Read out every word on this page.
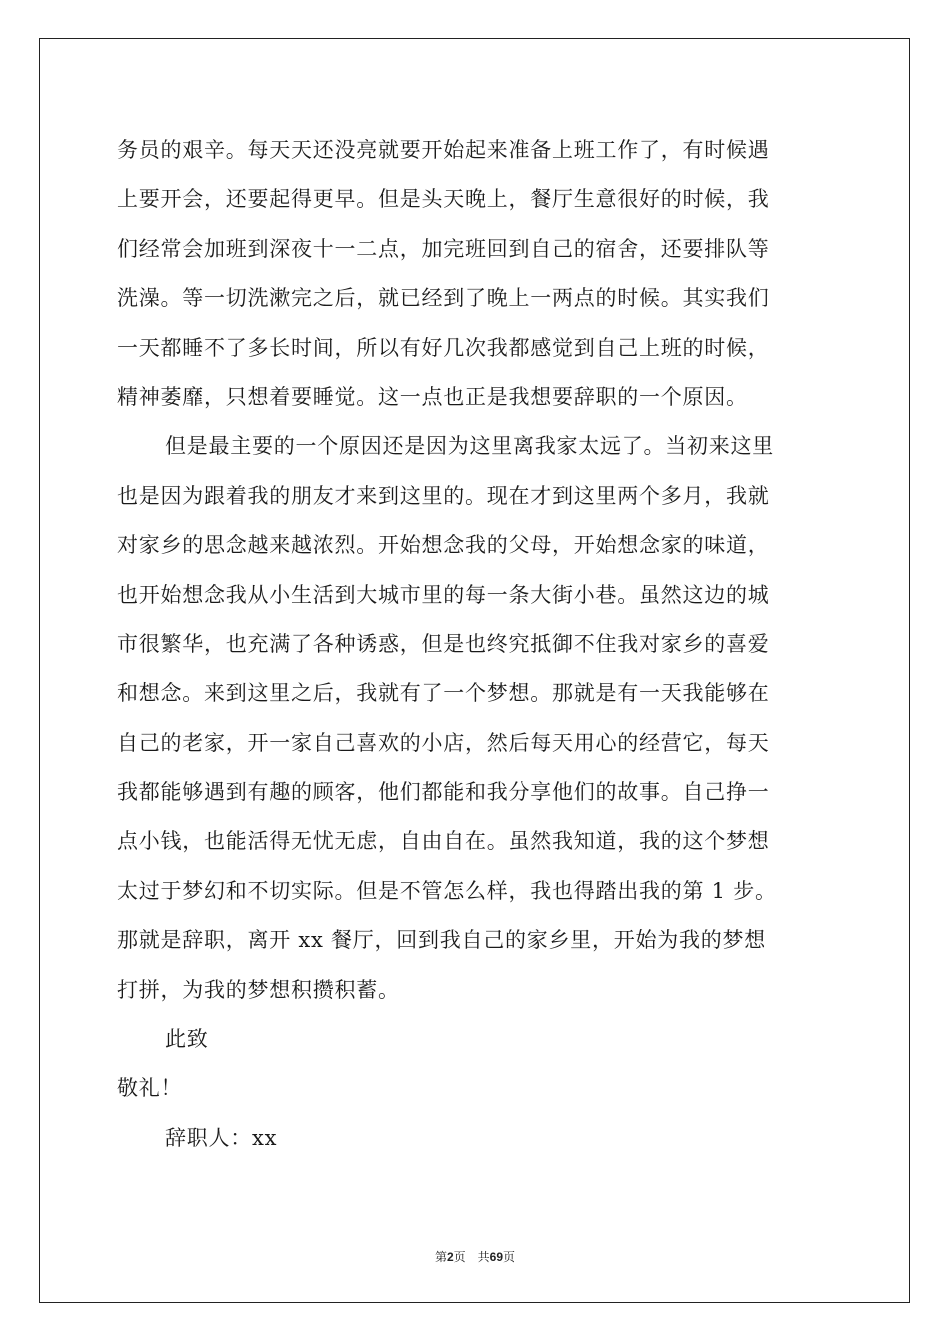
务员的艰辛。每天天还没亮就要开始起来准备上班工作了，有时候遇
上要开会，还要起得更早。但是头天晚上，餐厅生意很好的时候，我
们经常会加班到深夜十一二点，加完班回到自己的宿舍，还要排队等
洗澡。等一切洗漱完之后，就已经到了晚上一两点的时候。其实我们
一天都睡不了多长时间，所以有好几次我都感觉到自己上班的时候，
精神萎靡，只想着要睡觉。这一点也正是我想要辞职的一个原因。
但是最主要的一个原因还是因为这里离我家太远了。当初来这里
也是因为跟着我的朋友才来到这里的。现在才到这里两个多月，我就
对家乡的思念越来越浓烈。开始想念我的父母，开始想念家的味道，
也开始想念我从小生活到大城市里的每一条大街小巷。虽然这边的城
市很繁华，也充满了各种诱惑，但是也终究抵御不住我对家乡的喜爱
和想念。来到这里之后，我就有了一个梦想。那就是有一天我能够在
自己的老家，开一家自己喜欢的小店，然后每天用心的经营它，每天
我都能够遇到有趣的顾客，他们都能和我分享他们的故事。自己挣一
点小钱，也能活得无忧无虑，自由自在。虽然我知道，我的这个梦想
太过于梦幻和不切实际。但是不管怎么样，我也得踏出我的第 1 步。
那就是辞职，离开 xx 餐厅，回到我自己的家乡里，开始为我的梦想
打拼，为我的梦想积攒积蓄。
此致
敬礼！
辞职人：xx
第2页 共69页
